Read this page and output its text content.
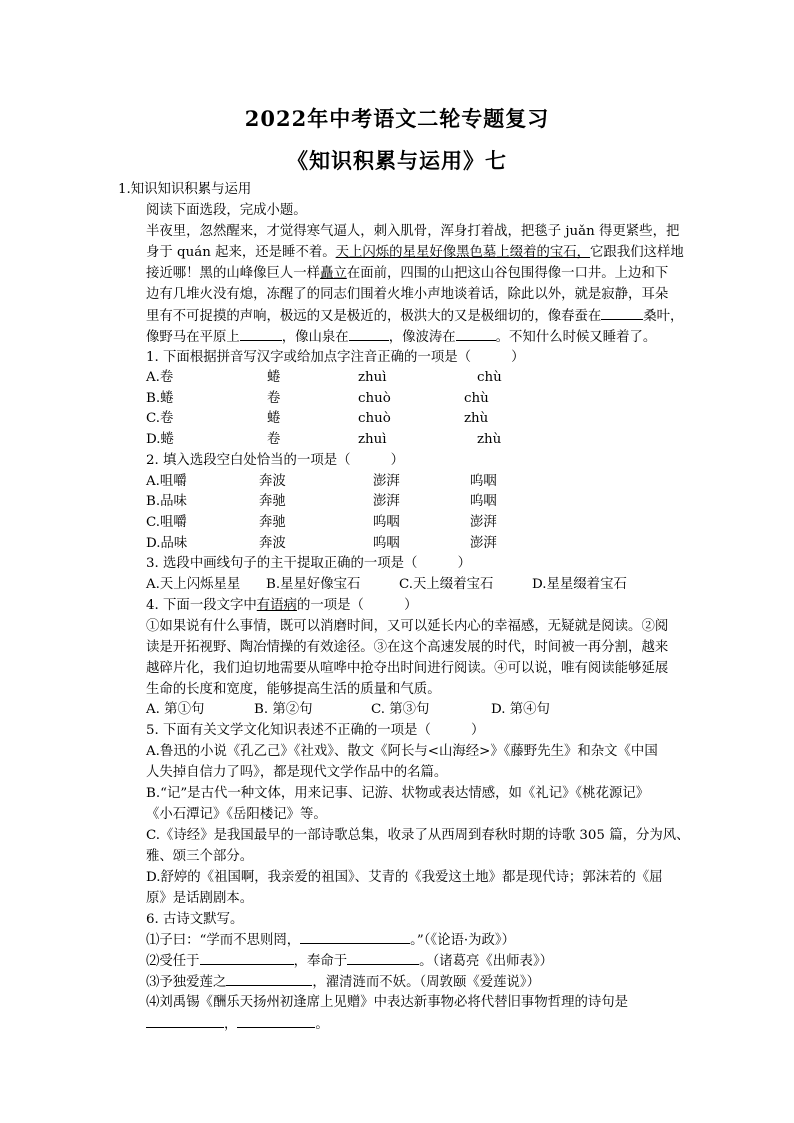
2022年中考语文二轮专题复习
《知识积累与运用》七
1.知识知识积累与运用
阅读下面选段，完成小题。
半夜里，忽然醒来，才觉得寒气逼人，刺入肌骨，浑身打着战，把毯子 juǎn 得更紧些，把
身于 quán 起来，还是睡不着。天上闪烁的星星好像黑色墓上缀着的宝石，它跟我们这样地
接近哪！黑的山峰像巨人一样矗立在面前，四围的山把这山谷包围得像一口井。上边和下
边有几堆火没有熄，冻醒了的同志们围着火堆小声地谈着话，除此以外，就是寂静，耳朵
里有不可捉摸的声响，极远的又是极近的，极洪大的又是极细切的，像春蚕在	桑叶，
像野马在平原上	，像山泉在	，像波涛在	。不知什么时候又睡着了。
1. 下面根据拼音写汉字或给加点字注音正确的一项是（　　　）
A.卷	蜷	zhuì	chù
B.蜷	卷	chuò	chù
C.卷	蜷	chuò	zhù
D.蜷	卷	zhuì	zhù
2. 填入选段空白处恰当的一项是（　　　）
A.咀嚼	奔波	澎湃	呜咽
B.品味	奔驰	澎湃	呜咽
C.咀嚼	奔驰	呜咽	澎湃
D.品味	奔波	呜咽	澎湃
3. 选段中画线句子的主干提取正确的一项是（　　　）
A.天上闪烁星星 B.星星好像宝石	C.天上缀着宝石	D.星星缀着宝石
4. 下面一段文字中有语病的一项是（　　　）
①如果说有什么事情，既可以消磨时间，又可以延长内心的幸福感，无疑就是阅读。②阅
读是开拓视野、陶冶情操的有效途径。③在这个高速发展的时代，时间被一再分割，越来
越碎片化，我们迫切地需要从喧哗中抢夺出时间进行阅读。④可以说，唯有阅读能够延展
生命的长度和宽度，能够提高生活的质量和气质。
A. 第①句	B. 第②句	C. 第③句	D. 第④句
5. 下面有关文学文化知识表述不正确的一项是（　　　）
A.鲁迅的小说《孔乙己》《社戏》、散文《阿长与<山海经>》《藤野先生》和杂文《中国
人失掉自信力了吗》，都是现代文学作品中的名篇。
B.“记”是古代一种文体，用来记事、记游、状物或表达情感，如《礼记》《桃花源记》
《小石潭记》《岳阳楼记》等。
C.《诗经》是我国最早的一部诗歌总集，收录了从西周到春秋时期的诗歌 305 篇，分为风、
雅、颂三个部分。
D.舒婷的《祖国啊，我亲爱的祖国》、艾青的《我爱这土地》都是现代诗；郭沫若的《屈
原》是话剧剧本。
6. 古诗文默写。
⑴子曰：“学而不思则罔，	。”（《论语·为政》）
⑵受任于	，奉命于	。（诸葛亮《出师表》）
⑶予独爱莲之	，濯清涟而不妖。（周敦颐《爱莲说》）
⑷刘禹锡《酬乐天扬州初逢席上见赠》中表达新事物必将代替旧事物哲理的诗句是
，	。
